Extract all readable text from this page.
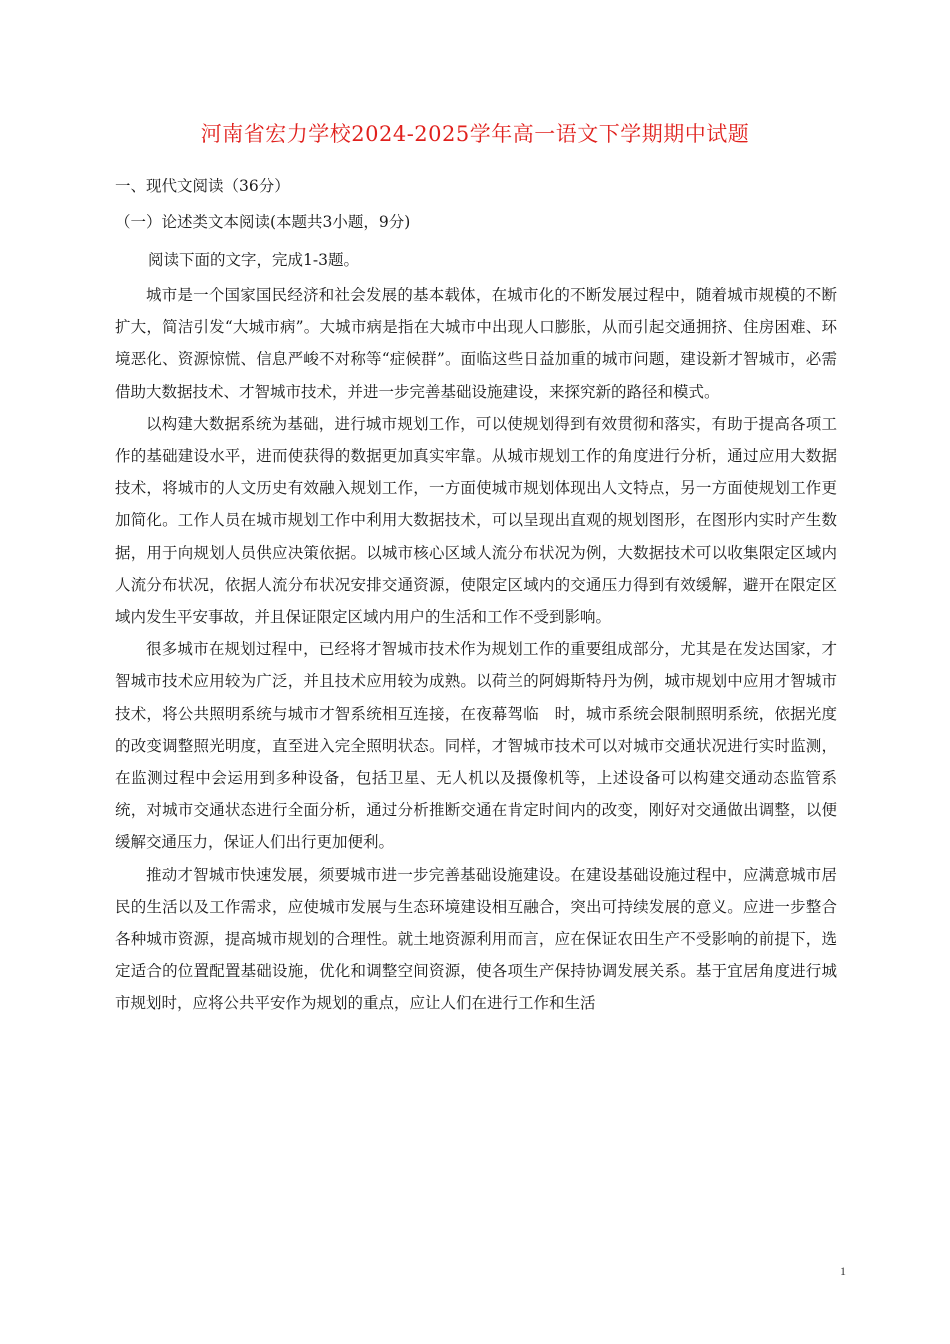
河南省宏力学校2024-2025学年高一语文下学期期中试题
一、现代文阅读（36分）
（一）论述类文本阅读(本题共3小题，9分)
阅读下面的文字，完成1-3题。

城市是一个国家国民经济和社会发展的基本载体，在城市化的不断发展过程中，随着城市规模的不断扩大，简洁引发“大城市病”。大城市病是指在大城市中出现人口膨胀，从而引起交通拥挤、住房困难、环境恶化、资源惊慌、信息严峻不对称等“症候群”。面临这些日益加重的城市问题，建设新才智城市，必需借助大数据技术、才智城市技术，并进一步完善基础设施建设，来探究新的路径和模式。

以构建大数据系统为基础，进行城市规划工作，可以使规划得到有效贯彻和落实，有助于提高各项工作的基础建设水平，进而使获得的数据更加真实牢靠。从城市规划工作的角度进行分析，通过应用大数据技术，将城市的人文历史有效融入规划工作，一方面使城市规划体现出人文特点，另一方面使规划工作更加简化。工作人员在城市规划工作中利用大数据技术，可以呈现出直观的规划图形，在图形内实时产生数据，用于向规划人员供应决策依据。以城市核心区域人流分布状况为例，大数据技术可以收集限定区域内人流分布状况，依据人流分布状况安排交通资源，使限定区域内的交通压力得到有效缓解，避开在限定区域内发生平安事故，并且保证限定区域内用户的生活和工作不受到影响。

很多城市在规划过程中，已经将才智城市技术作为规划工作的重要组成部分，尤其是在发达国家，才智城市技术应用较为广泛，并且技术应用较为成熟。以荷兰的阿姆斯特丹为例，城市规划中应用才智城市技术，将公共照明系统与城市才智系统相互连接，在夜幕驾临　时，城市系统会限制照明系统，依据光度的改变调整照光明度，直至进入完全照明状态。同样，才智城市技术可以对城市交通状况进行实时监测，在监测过程中会运用到多种设备，包括卫星、无人机以及摄像机等，上述设备可以构建交通动态监管系统，对城市交通状态进行全面分析，通过分析推断交通在肯定时间内的改变，刚好对交通做出调整，以便缓解交通压力，保证人们出行更加便利。

推动才智城市快速发展，须要城市进一步完善基础设施建设。在建设基础设施过程中，应满意城市居民的生活以及工作需求，应使城市发展与生态环境建设相互融合，突出可持续发展的意义。应进一步整合各种城市资源，提高城市规划的合理性。就土地资源利用而言，应在保证农田生产不受影响的前提下，选定适合的位置配置基础设施，优化和调整空间资源，使各项生产保持协调发展关系。基于宜居角度进行城市规划时，应将公共平安作为规划的重点，应让人们在进行工作和生活

1
